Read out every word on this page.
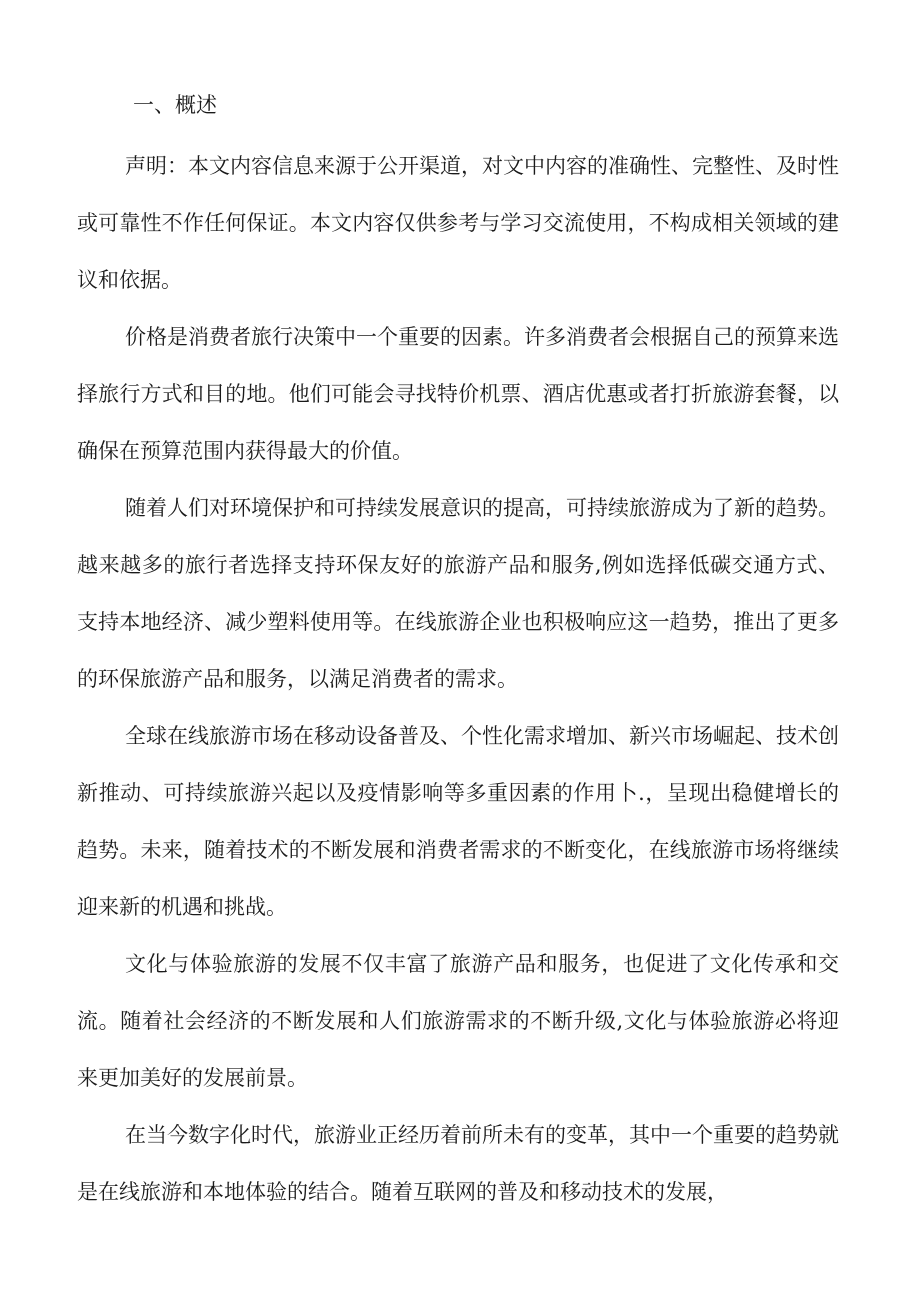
一、概述

声明：本文内容信息来源于公开渠道，对文中内容的准确性、完整性、及时性或可靠性不作任何保证。本文内容仅供参考与学习交流使用，不构成相关领域的建议和依据。

价格是消费者旅行决策中一个重要的因素。许多消费者会根据自己的预算来选择旅行方式和目的地。他们可能会寻找特价机票、酒店优惠或者打折旅游套餐，以确保在预算范围内获得最大的价值。

随着人们对环境保护和可持续发展意识的提高，可持续旅游成为了新的趋势。越来越多的旅行者选择支持环保友好的旅游产品和服务,例如选择低碳交通方式、支持本地经济、减少塑料使用等。在线旅游企业也积极响应这一趋势，推出了更多的环保旅游产品和服务，以满足消费者的需求。

全球在线旅游市场在移动设备普及、个性化需求增加、新兴市场崛起、技术创新推动、可持续旅游兴起以及疫情影响等多重因素的作用卜.，呈现出稳健增长的趋势。未来，随着技术的不断发展和消费者需求的不断变化，在线旅游市场将继续迎来新的机遇和挑战。

文化与体验旅游的发展不仅丰富了旅游产品和服务，也促进了文化传承和交流。随着社会经济的不断发展和人们旅游需求的不断升级,文化与体验旅游必将迎来更加美好的发展前景。

在当今数字化时代，旅游业正经历着前所未有的变革，其中一个重要的趋势就是在线旅游和本地体验的结合。随着互联网的普及和移动技术的发展，
